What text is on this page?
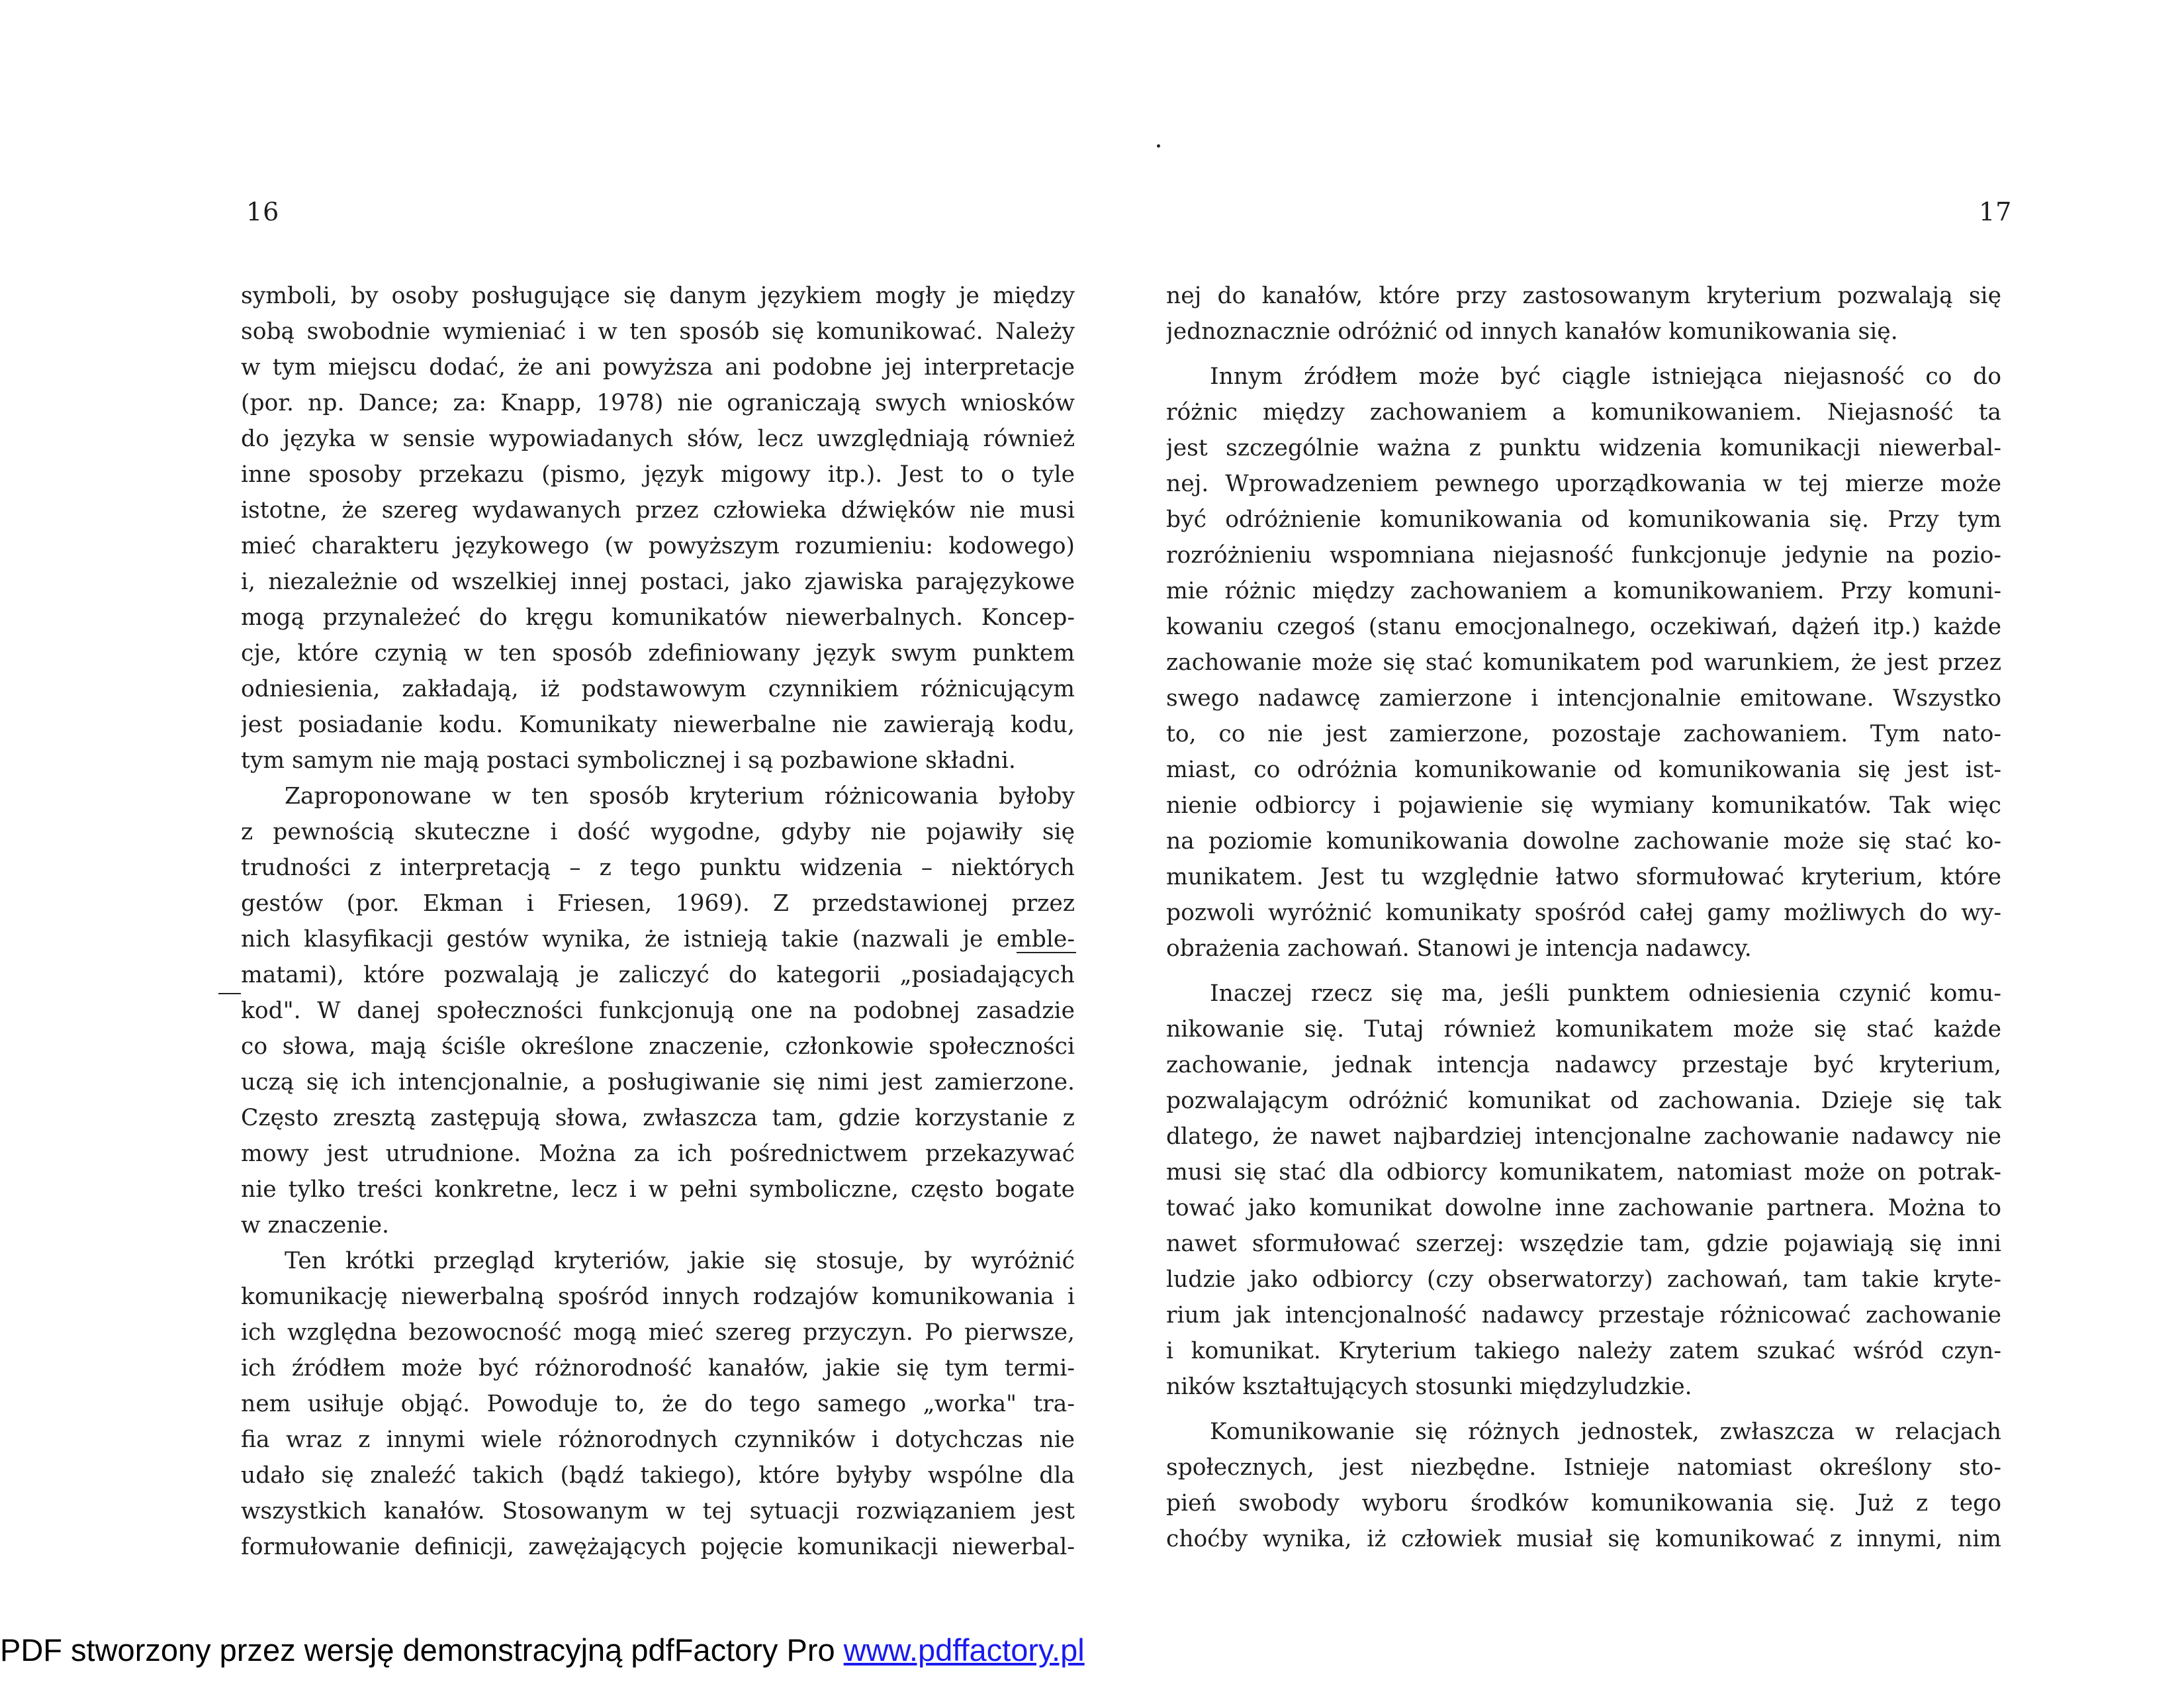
16	17
symboli, by osoby posługujące się danym językiem mogły je między
sobą swobodnie wymieniać i w ten sposób się komunikować. Należy
w tym miejscu dodać, że ani powyższa ani podobne jej interpretacje
(por. np. Dance; za: Knapp, 1978) nie ograniczają swych wniosków
do języka w sensie wypowiadanych słów, lecz uwzględniają również
inne sposoby przekazu (pismo, język migowy itp.). Jest to o tyle
istotne, że szereg wydawanych przez człowieka dźwięków nie musi
mieć charakteru językowego (w powyższym rozumieniu: kodowego)
i, niezależnie od wszelkiej innej postaci, jako zjawiska parajęzykowe
mogą przynależeć do kręgu komunikatów niewerbalnych. Koncep-
cje, które czynią w ten sposób zdefiniowany język swym punktem
odniesienia, zakładają, iż podstawowym czynnikiem różnicującym
jest posiadanie kodu. Komunikaty niewerbalne nie zawierają kodu,
tym samym nie mają postaci symbolicznej i są pozbawione składni.
Zaproponowane w ten sposób kryterium różnicowania byłoby
z pewnością skuteczne i dość wygodne, gdyby nie pojawiły się
trudności z interpretacją – z tego punktu widzenia – niektórych
gestów (por. Ekman i Friesen, 1969). Z przedstawionej przez
nich klasyfikacji gestów wynika, że istnieją takie (nazwali je emble-
matami), które pozwalają je zaliczyć do kategorii „posiadających
kod". W danej społeczności funkcjonują one na podobnej zasadzie
co słowa, mają ściśle określone znaczenie, członkowie społeczności
uczą się ich intencjonalnie, a posługiwanie się nimi jest zamierzone.
Często zresztą zastępują słowa, zwłaszcza tam, gdzie korzystanie z
mowy jest utrudnione. Można za ich pośrednictwem przekazywać
nie tylko treści konkretne, lecz i w pełni symboliczne, często bogate
w znaczenie.
Ten krótki przegląd kryteriów, jakie się stosuje, by wyróżnić
komunikację niewerbalną spośród innych rodzajów komunikowania i
ich względna bezowocność mogą mieć szereg przyczyn. Po pierwsze,
ich źródłem może być różnorodność kanałów, jakie się tym termi-
nem usiłuje objąć. Powoduje to, że do tego samego „worka" tra-
fia wraz z innymi wiele różnorodnych czynników i dotychczas nie
udało się znaleźć takich (bądź takiego), które byłyby wspólne dla
wszystkich kanałów. Stosowanym w tej sytuacji rozwiązaniem jest
formułowanie definicji, zawężających pojęcie komunikacji niewerbal-
nej do kanałów, które przy zastosowanym kryterium pozwalają się
jednoznacznie odróżnić od innych kanałów komunikowania się.
Innym źródłem może być ciągle istniejąca niejasność co do
różnic między zachowaniem a komunikowaniem. Niejasność ta
jest szczególnie ważna z punktu widzenia komunikacji niewerbal-
nej. Wprowadzeniem pewnego uporządkowania w tej mierze może
być odróżnienie komunikowania od komunikowania się. Przy tym
rozróżnieniu wspomniana niejasność funkcjonuje jedynie na pozio-
mie różnic między zachowaniem a komunikowaniem. Przy komuni-
kowaniu czegoś (stanu emocjonalnego, oczekiwań, dążeń itp.) każde
zachowanie może się stać komunikatem pod warunkiem, że jest przez
swego nadawcę zamierzone i intencjonalnie emitowane. Wszystko
to, co nie jest zamierzone, pozostaje zachowaniem. Tym nato-
miast, co odróżnia komunikowanie od komunikowania się jest ist-
nienie odbiorcy i pojawienie się wymiany komunikatów. Tak więc
na poziomie komunikowania dowolne zachowanie może się stać ko-
munikatem. Jest tu względnie łatwo sformułować kryterium, które
pozwoli wyróżnić komunikaty spośród całej gamy możliwych do wy-
obrażenia zachowań. Stanowi je intencja nadawcy.
Inaczej rzecz się ma, jeśli punktem odniesienia czynić komu-
nikowanie się. Tutaj również komunikatem może się stać każde
zachowanie, jednak intencja nadawcy przestaje być kryterium,
pozwalającym odróżnić komunikat od zachowania. Dzieje się tak
dlatego, że nawet najbardziej intencjonalne zachowanie nadawcy nie
musi się stać dla odbiorcy komunikatem, natomiast może on potrak-
tować jako komunikat dowolne inne zachowanie partnera. Można to
nawet sformułować szerzej: wszędzie tam, gdzie pojawiają się inni
ludzie jako odbiorcy (czy obserwatorzy) zachowań, tam takie kryte-
rium jak intencjonalność nadawcy przestaje różnicować zachowanie
i komunikat. Kryterium takiego należy zatem szukać wśród czyn-
ników kształtujących stosunki międzyludzkie.
Komunikowanie się różnych jednostek, zwłaszcza w relacjach
społecznych, jest niezbędne. Istnieje natomiast określony sto-
pień swobody wyboru środków komunikowania się. Już z tego
choćby wynika, iż człowiek musiał się komunikować z innymi, nim
PDF stworzony przez wersję demonstracyjną pdfFactory Pro www.pdffactory.pl
